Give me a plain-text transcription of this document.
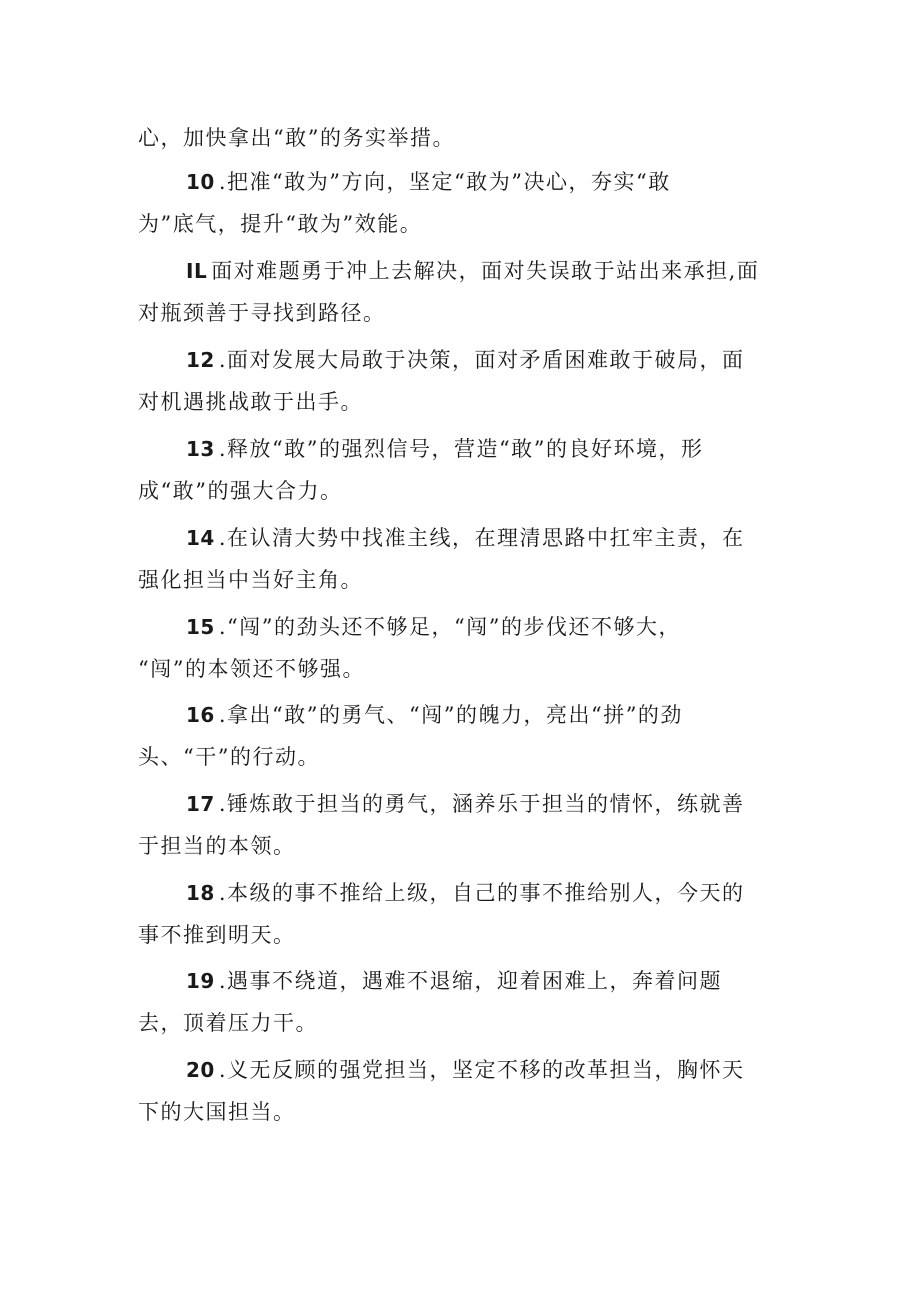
心，加快拿出“敢”的务实举措。
10 .把准“敢为”方向，坚定“敢为”决心，夯实“敢
为”底气，提升“敢为”效能。
IL 面对难题勇于冲上去解决，面对失误敢于站出来承担,面
对瓶颈善于寻找到路径。
12 .面对发展大局敢于决策，面对矛盾困难敢于破局，面
对机遇挑战敢于出手。
13 .释放“敢”的强烈信号，营造“敢”的良好环境，形
成“敢”的强大合力。
14 .在认清大势中找准主线，在理清思路中扛牢主责，在
强化担当中当好主角。
15 .“闯”的劲头还不够足，“闯”的步伐还不够大，
“闯”的本领还不够强。
16 .拿出“敢”的勇气、“闯”的魄力，亮出“拼”的劲
头、“干”的行动。
17 .锤炼敢于担当的勇气，涵养乐于担当的情怀，练就善
于担当的本领。
18 .本级的事不推给上级，自己的事不推给别人，今天的
事不推到明天。
19 .遇事不绕道，遇难不退缩，迎着困难上，奔着问题
去，顶着压力干。
20 .义无反顾的强党担当，坚定不移的改革担当，胸怀天
下的大国担当。
